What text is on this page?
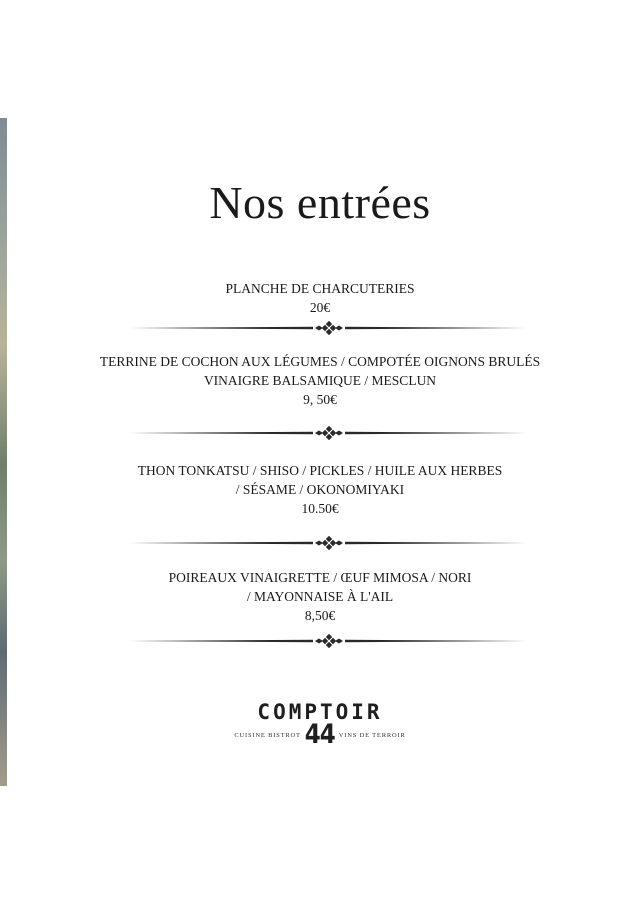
Nos entrées
PLANCHE DE CHARCUTERIES
20€
TERRINE DE COCHON AUX LÉGUMES / COMPOTÉE OIGNONS BRULÉS
VINAIGRE BALSAMIQUE / MESCLUN
9, 50€
THON TONKATSU / SHISO / PICKLES / HUILE AUX HERBES
/ SÉSAME / OKONOMIYAKI
10.50€
POIREAUX VINAIGRETTE / ŒUF MIMOSA / NORI
/ MAYONNAISE À L'AIL
8,50€
COMPTOIR
CUISINE BISTROT 44 VINS DE TERROIR
